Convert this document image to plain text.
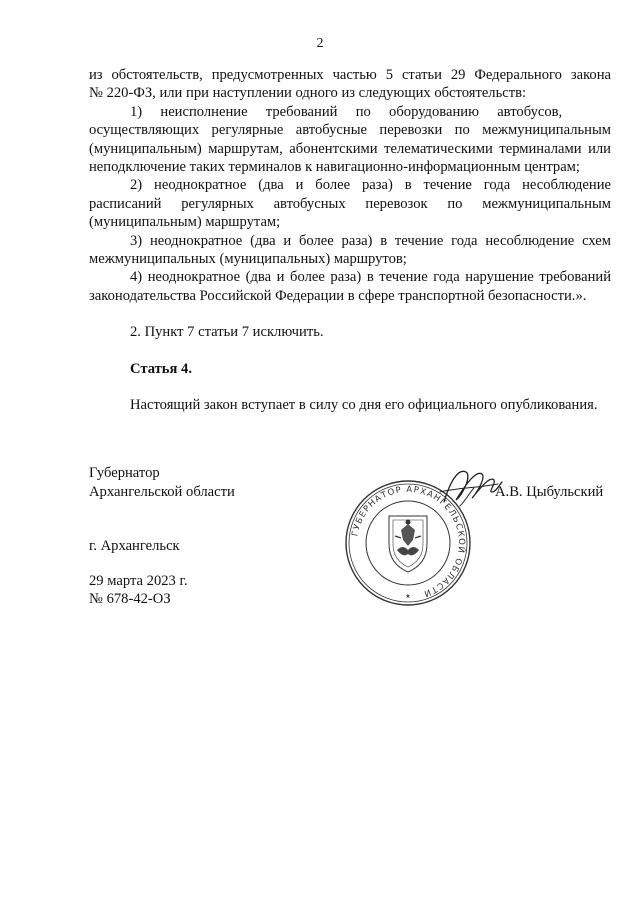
2

из обстоятельств, предусмотренных частью 5 статьи 29 Федерального закона

№ 220-ФЗ, или при наступлении одного из следующих обстоятельств:

1)     неисполнение     требований     по     оборудованию     автобусов,

осуществляющих регулярные автобусные перевозки по межмуниципальным (муниципальным) маршрутам, абонентскими телематическими терминалами или неподключение таких терминалов к навигационно-информационным центрам;

2) неоднократное (два и более раза) в течение года несоблюдение расписаний регулярных автобусных перевозок по межмуниципальным (муниципальным) маршрутам;

3) неоднократное (два и более раза) в течение года несоблюдение схем межмуниципальных (муниципальных) маршрутов;

4) неоднократное (два и более раза) в течение года нарушение требований законодательства Российской Федерации в сфере транспортной безопасности.».

2. Пункт 7 статьи 7 исключить.

Статья 4.

Настоящий закон вступает в силу со дня его официального опубликования.

Губернатор
Архангельской области	А.В. Цыбульский
г. Архангельск
29 марта 2023 г.
№ 678-42-ОЗ
ГУБЕРНАТОР АРХАНГЕЛЬСКОЙ ОБЛАСТИ
★
